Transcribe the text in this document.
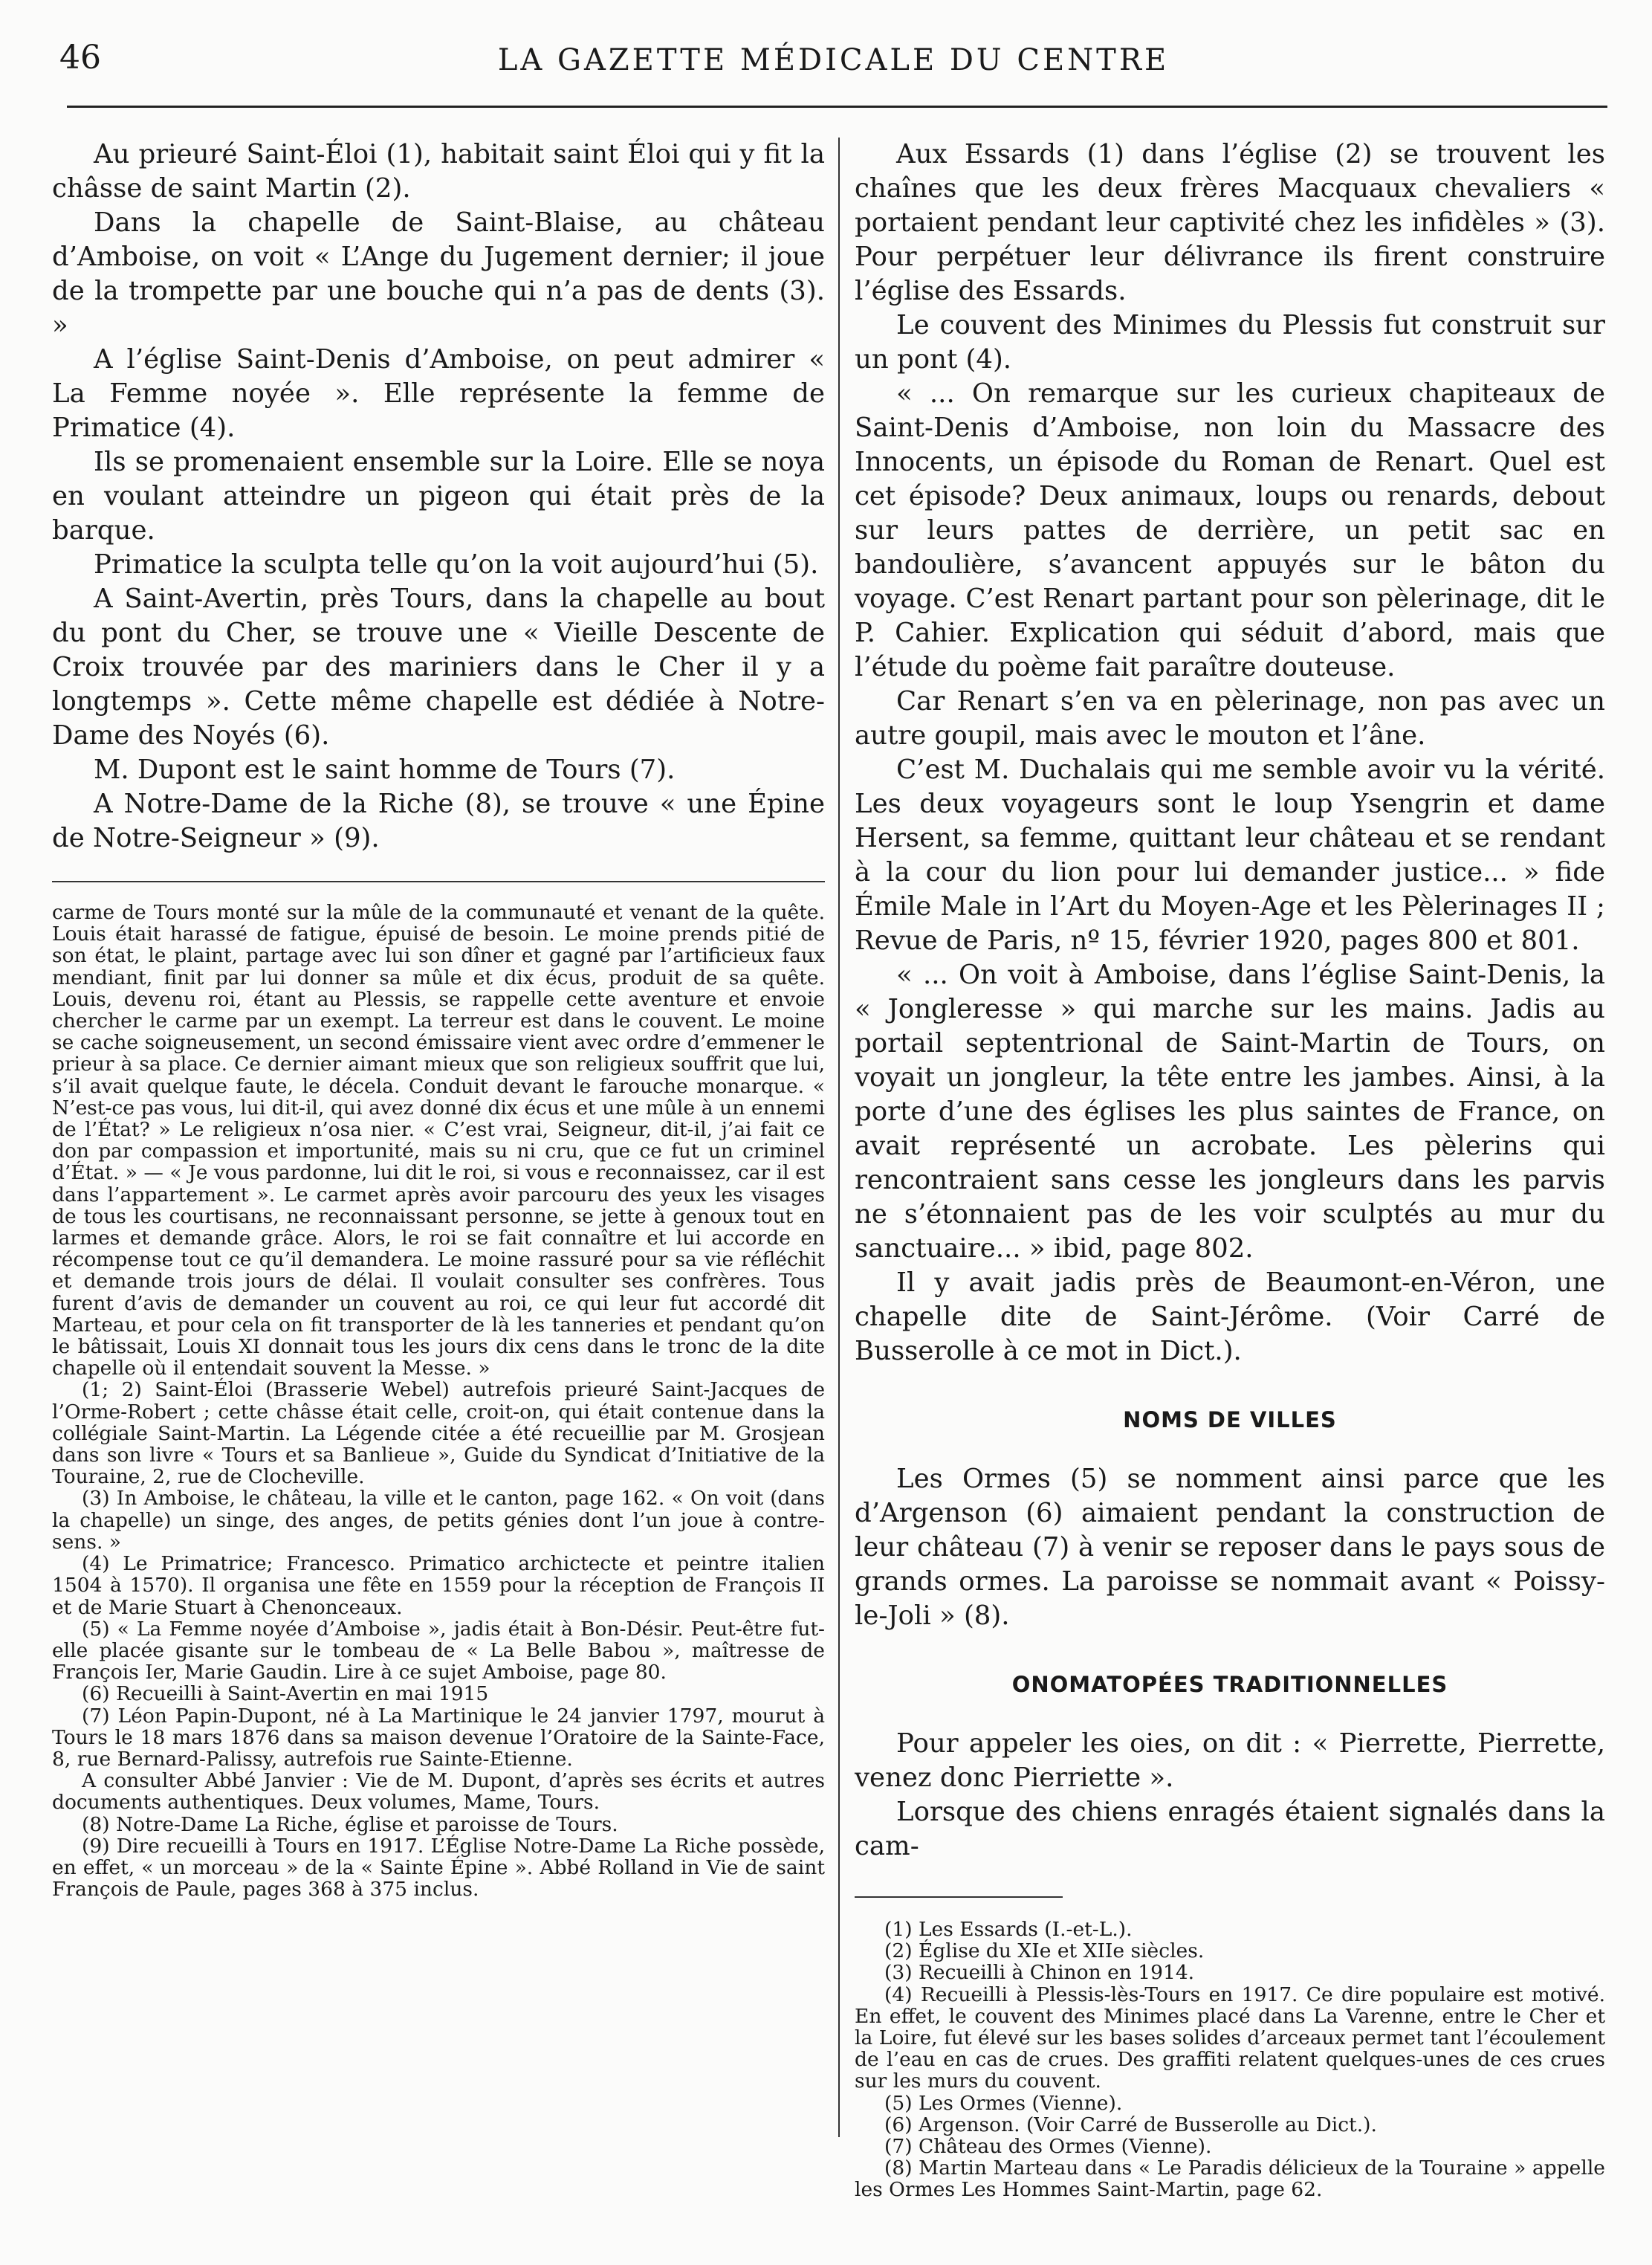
46	LA GAZETTE MÉDICALE DU CENTRE

Au prieuré Saint-Éloi (1), habitait saint Éloi qui y fit la châsse de saint Martin (2).

Dans la chapelle de Saint-Blaise, au château d’Amboise, on voit « L’Ange du Jugement dernier; il joue de la trompette par une bouche qui n’a pas de dents (3). »

A l’église Saint-Denis d’Amboise, on peut admirer « La Femme noyée ». Elle représente la femme de Primatice (4).

Ils se promenaient ensemble sur la Loire. Elle se noya en voulant atteindre un pigeon qui était près de la barque.

Primatice la sculpta telle qu’on la voit aujourd’hui (5).

A Saint-Avertin, près Tours, dans la chapelle au bout du pont du Cher, se trouve une « Vieille Descente de Croix trouvée par des mariniers dans le Cher il y a longtemps ». Cette même chapelle est dédiée à Notre-Dame des Noyés (6).

M. Dupont est le saint homme de Tours (7).

A Notre-Dame de la Riche (8), se trouve « une Épine de Notre-Seigneur » (9).

carme de Tours monté sur la mûle de la communauté et venant de la quête. Louis était harassé de fatigue, épuisé de besoin. Le moine prends pitié de son état, le plaint, partage avec lui son dîner et gagné par l’artificieux faux mendiant, finit par lui donner sa mûle et dix écus, produit de sa quête. Louis, devenu roi, étant au Plessis, se rappelle cette aventure et envoie chercher le carme par un exempt. La terreur est dans le couvent. Le moine se cache soigneusement, un second émissaire vient avec ordre d’emmener le prieur à sa place. Ce dernier aimant mieux que son religieux souffrit que lui, s’il avait quelque faute, le décela. Conduit devant le farouche monarque. « N’est-ce pas vous, lui dit-il, qui avez donné dix écus et une mûle à un ennemi de l’État? » Le religieux n’osa nier. « C’est vrai, Seigneur, dit-il, j’ai fait ce don par compassion et importunité, mais su ni cru, que ce fut un criminel d’État. » — « Je vous pardonne, lui dit le roi, si vous e reconnaissez, car il est dans l’appartement ». Le carmet après avoir parcouru des yeux les visages de tous les courtisans, ne reconnaissant personne, se jette à genoux tout en larmes et demande grâce. Alors, le roi se fait connaître et lui accorde en récompense tout ce qu’il demandera. Le moine rassuré pour sa vie réfléchit et demande trois jours de délai. Il voulait consulter ses confrères. Tous furent d’avis de demander un couvent au roi, ce qui leur fut accordé dit Marteau, et pour cela on fit transporter de là les tanneries et pendant qu’on le bâtissait, Louis XI donnait tous les jours dix cens dans le tronc de la dite chapelle où il entendait souvent la Messe. »

(1; 2) Saint-Éloi (Brasserie Webel) autrefois prieuré Saint-Jacques de l’Orme-Robert ; cette châsse était celle, croit-on, qui était contenue dans la collégiale Saint-Martin. La Légende citée a été recueillie par M. Grosjean dans son livre « Tours et sa Banlieue », Guide du Syndicat d’Initiative de la Touraine, 2, rue de Clocheville.

(3) In Amboise, le château, la ville et le canton, page 162. « On voit (dans la chapelle) un singe, des anges, de petits génies dont l’un joue à contre-sens. »

(4) Le Primatrice; Francesco. Primatico archictecte et peintre italien 1504 à 1570). Il organisa une fête en 1559 pour la réception de François II et de Marie Stuart à Chenonceaux.

(5) « La Femme noyée d’Amboise », jadis était à Bon-Désir. Peut-être fut-elle placée gisante sur le tombeau de « La Belle Babou », maîtresse de François Ier, Marie Gaudin. Lire à ce sujet Amboise, page 80.

(6) Recueilli à Saint-Avertin en mai 1915

(7) Léon Papin-Dupont, né à La Martinique le 24 janvier 1797, mourut à Tours le 18 mars 1876 dans sa maison devenue l’Oratoire de la Sainte-Face, 8, rue Bernard-Palissy, autrefois rue Sainte-Etienne.

A consulter Abbé Janvier : Vie de M. Dupont, d’après ses écrits et autres documents authentiques. Deux volumes, Mame, Tours.

(8) Notre-Dame La Riche, église et paroisse de Tours.

(9) Dire recueilli à Tours en 1917. L’Église Notre-Dame La Riche possède, en effet, « un morceau » de la « Sainte Épine ». Abbé Rolland in Vie de saint François de Paule, pages 368 à 375 inclus.

Aux Essards (1) dans l’église (2) se trouvent les chaînes que les deux frères Macquaux chevaliers « portaient pendant leur captivité chez les infidèles » (3). Pour perpétuer leur délivrance ils firent construire l’église des Essards.

Le couvent des Minimes du Plessis fut construit sur un pont (4).

« ... On remarque sur les curieux chapiteaux de Saint-Denis d’Amboise, non loin du Massacre des Innocents, un épisode du Roman de Renart. Quel est cet épisode? Deux animaux, loups ou renards, debout sur leurs pattes de derrière, un petit sac en bandoulière, s’avancent appuyés sur le bâton du voyage. C’est Renart partant pour son pèlerinage, dit le P. Cahier. Explication qui séduit d’abord, mais que l’étude du poème fait paraître douteuse.

Car Renart s’en va en pèlerinage, non pas avec un autre goupil, mais avec le mouton et l’âne.

C’est M. Duchalais qui me semble avoir vu la vérité. Les deux voyageurs sont le loup Ysengrin et dame Hersent, sa femme, quittant leur château et se rendant à la cour du lion pour lui demander justice... » fide Émile Male in l’Art du Moyen-Age et les Pèlerinages II ; Revue de Paris, nº 15, février 1920, pages 800 et 801.

« ... On voit à Amboise, dans l’église Saint-Denis, la « Jongleresse » qui marche sur les mains. Jadis au portail septentrional de Saint-Martin de Tours, on voyait un jongleur, la tête entre les jambes. Ainsi, à la porte d’une des églises les plus saintes de France, on avait représenté un acrobate. Les pèlerins qui rencontraient sans cesse les jongleurs dans les parvis ne s’étonnaient pas de les voir sculptés au mur du sanctuaire... » ibid, page 802.

Il y avait jadis près de Beaumont-en-Véron, une chapelle dite de Saint-Jérôme. (Voir Carré de Busserolle à ce mot in Dict.).

NOMS DE VILLES

Les Ormes (5) se nomment ainsi parce que les d’Argenson (6) aimaient pendant la construction de leur château (7) à venir se reposer dans le pays sous de grands ormes. La paroisse se nommait avant « Poissy-le-Joli » (8).

ONOMATOPÉES TRADITIONNELLES

Pour appeler les oies, on dit : « Pierrette, Pierrette, venez donc Pierriette ».

Lorsque des chiens enragés étaient signalés dans la cam-

(1) Les Essards (I.-et-L.).

(2) Église du XIe et XIIe siècles.

(3) Recueilli à Chinon en 1914.

(4) Recueilli à Plessis-lès-Tours en 1917. Ce dire populaire est motivé. En effet, le couvent des Minimes placé dans La Varenne, entre le Cher et la Loire, fut élevé sur les bases solides d’arceaux permet tant l’écoulement de l’eau en cas de crues. Des graffiti relatent quelques-unes de ces crues sur les murs du couvent.

(5) Les Ormes (Vienne).

(6) Argenson. (Voir Carré de Busserolle au Dict.).

(7) Château des Ormes (Vienne).

(8) Martin Marteau dans « Le Paradis délicieux de la Touraine » appelle les Ormes Les Hommes Saint-Martin, page 62.
